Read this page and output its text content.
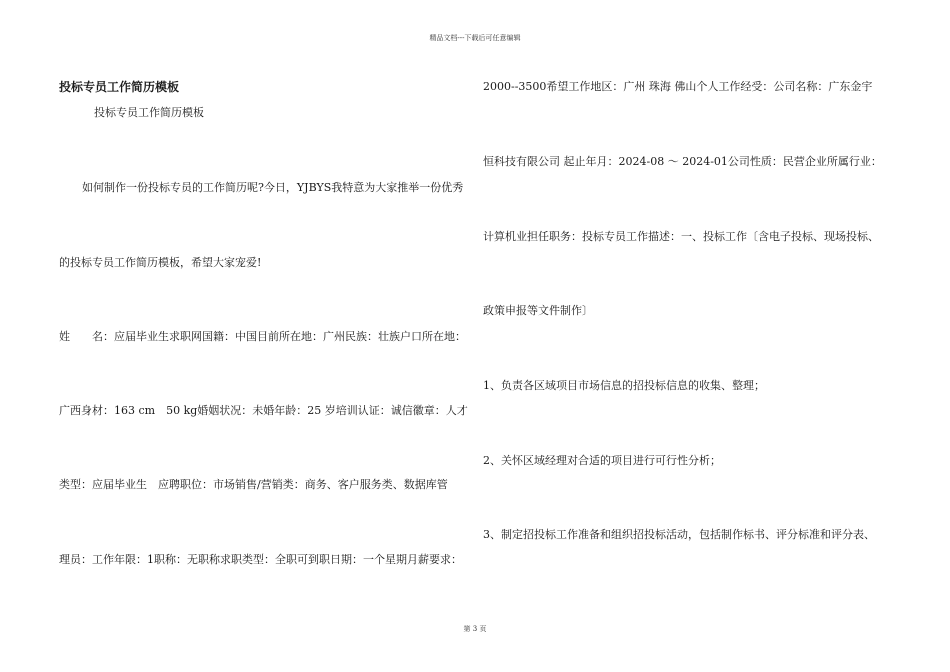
精品文档---下载后可任意编辑
投标专员工作简历模板
投标专员工作简历模板
如何制作一份投标专员的工作简历呢?今日，YJBYS我特意为大家推举一份优秀
的投标专员工作简历模板，希望大家宠爱!
姓　　名：应届毕业生求职网国籍：中国目前所在地：广州民族：壮族户口所在地：
广西身材：163 cm　50 kg婚姻状况：未婚年龄：25 岁培训认证：诚信徽章：人才
类型：应届毕业生　应聘职位：市场销售/营销类：商务、客户服务类、数据库管
理员：工作年限：1职称：无职称求职类型：全职可到职日期：一个星期月薪要求：
2000--3500希望工作地区：广州 珠海 佛山个人工作经受：公司名称：广东金宇
恒科技有限公司 起止年月：2024-08 ～ 2024-01公司性质：民营企业所属行业：
计算机业担任职务：投标专员工作描述：一、投标工作〔含电子投标、现场投标、
政策申报等文件制作〕
1、负责各区域项目市场信息的招投标信息的收集、整理；
2、关怀区域经理对合适的项目进行可行性分析；
3、制定招投标工作准备和组织招投标活动，包括制作标书、评分标准和评分表、
第 3 页
